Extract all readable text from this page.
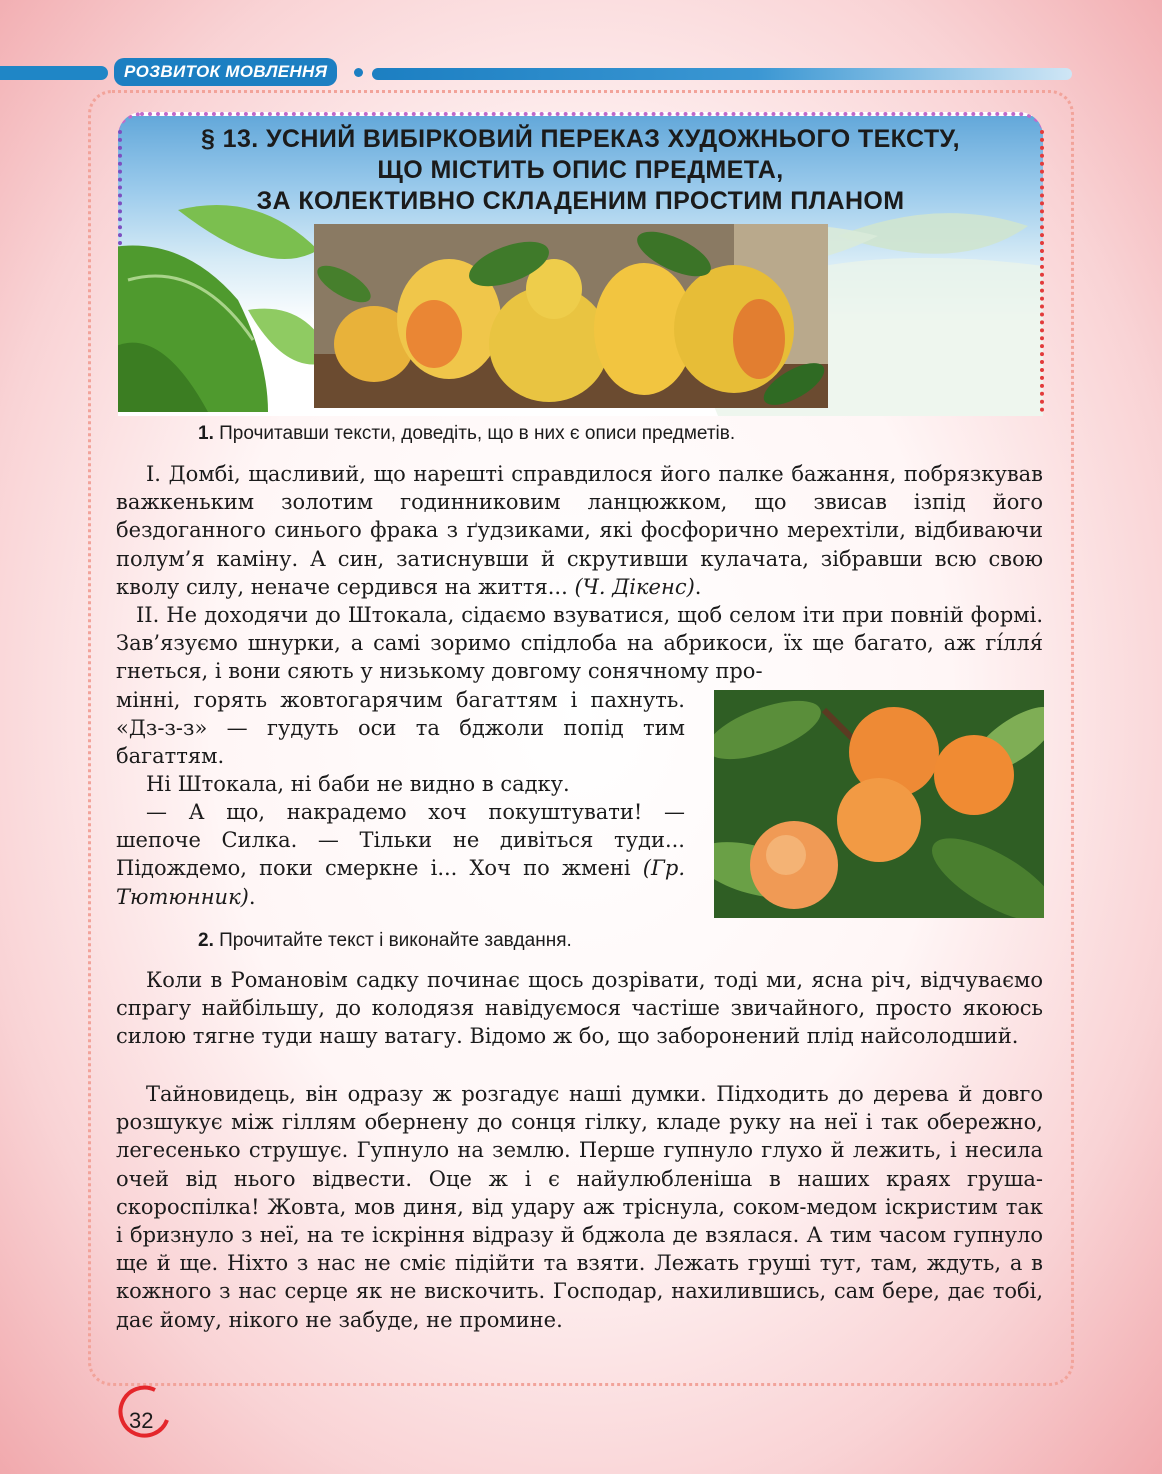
РОЗВИТОК МОВЛЕННЯ
§ 13. УСНИЙ ВИБІРКОВИЙ ПЕРЕКАЗ ХУДОЖНЬОГО ТЕКСТУ,
ЩО МІСТИТЬ ОПИС ПРЕДМЕТА,
ЗА КОЛЕКТИВНО СКЛАДЕНИМ ПРОСТИМ ПЛАНОМ

1. Прочитавши тексти, доведіть, що в них є описи предметів.

I. Домбі, щасливий, що нарешті справдилося його палке бажання, побрязкував важкеньким золотим годинниковим ланцюжком, що звисав ізпід його бездоганного синього фрака з ґудзиками, які фосфорично мерехтіли, відбиваючи полум’я каміну. А син, затиснувши й скрутивши кулачата, зібравши всю свою кволу силу, неначе сердився на життя... (Ч. Дікенс).

II. Не доходячи до Штокала, сідаємо взуватися, щоб селом іти при повній формі. Зав’язуємо шнурки, а самі зоримо спідлоба на абрикоси, їх ще багато, аж гі́лля́ гнеться, і вони сяють у низькому довгому сонячному про-

мінні, горять жовтогарячим багаттям і пахнуть. «Дз-з-з» — гудуть оси та бджоли попід тим багаттям.

Ні Штокала, ні баби не видно в садку.

— А що, накрадемо хоч покуштувати! — шепоче Силка. — Тільки не дивіться туди... Підождемо, поки смеркне і... Хоч по жмені (Гр. Тютюнник).

2. Прочитайте текст і виконайте завдання.

Коли в Романовім садку починає щось дозрівати, тоді ми, ясна річ, відчуваємо спрагу найбільшу, до колодязя навідуємося частіше звичайного, просто якоюсь силою тягне туди нашу ватагу. Відомо ж бо, що заборонений плід найсолодший.

Тайновидець, він одразу ж розгадує наші думки. Підходить до дерева й довго розшукує між гіллям обернену до сонця гілку, кладе руку на неї і так обережно, легесенько струшує. Гупнуло на землю. Перше гупнуло глухо й лежить, і несила очей від нього відвести. Оце ж і є найулюбленіша в наших краях груша-скороспілка! Жовта, мов диня, від удару аж тріснула, соком-медом іскристим так і бризнуло з неї, на те іскріння відразу й бджола де взялася. А тим часом гупнуло ще й ще. Ніхто з нас не сміє підійти та взяти. Лежать груші тут, там, ждуть, а в кожного з нас серце як не вискочить. Господар, нахилившись, сам бере, дає тобі, дає йому, нікого не забуде, не промине.

32
